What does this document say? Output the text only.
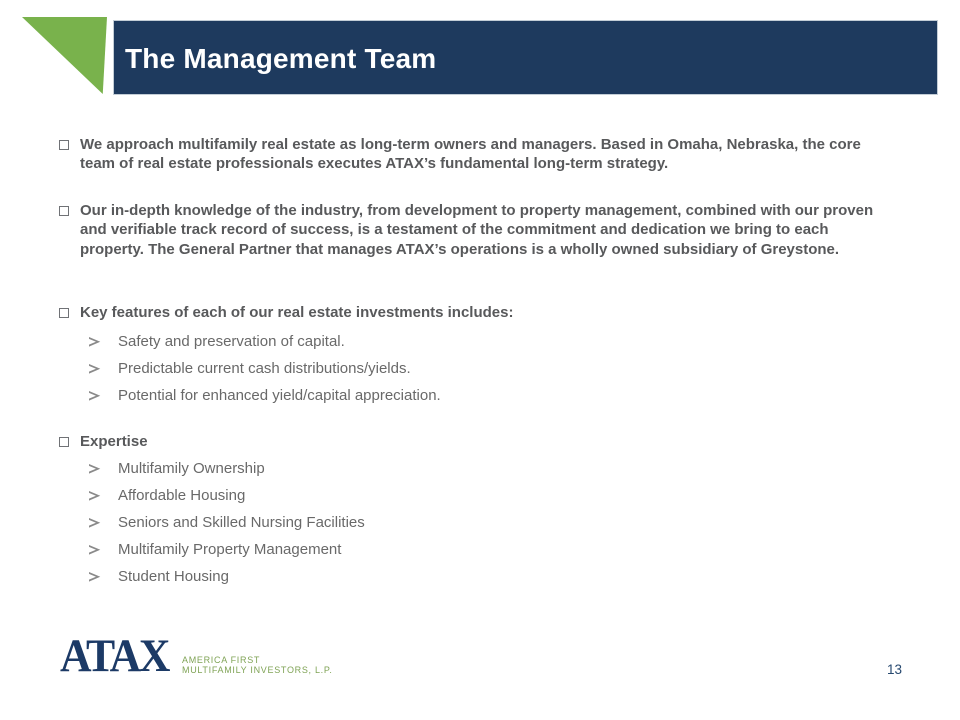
The Management Team
We approach multifamily real estate as long-term owners and managers. Based in Omaha, Nebraska, the core team of real estate professionals executes ATAX’s fundamental long-term strategy.
Our in-depth knowledge of the industry, from development to property management, combined with our proven and verifiable track record of success, is a testament of the commitment and dedication we bring to each property. The General Partner that manages ATAX’s operations is a wholly owned subsidiary of Greystone.
Key features of each of our real estate investments includes:
Safety and preservation of capital.
Predictable current cash distributions/yields.
Potential for enhanced yield/capital appreciation.
Expertise
Multifamily Ownership
Affordable Housing
Seniors and Skilled Nursing Facilities
Multifamily Property Management
Student Housing
ATAX AMERICA FIRST
MULTIFAMILY INVESTORS, L.P.	13
